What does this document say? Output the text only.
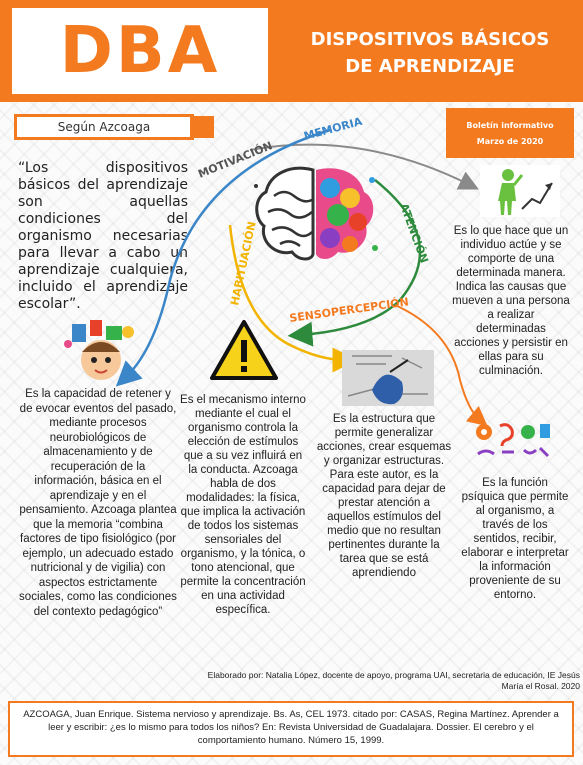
DBA	DISPOSITIVOS BÁSICOS
DE APRENDIZAJE
Según Azcoaga	Boletín informativo
Marzo de 2020
“Los dispositivos básicos del aprendizaje son aquellas condiciones del organismo necesarias para llevar a cabo un aprendizaje cualquiera, incluido el aprendizaje escolar”.
MOTIVACIÓN
MEMORIA
ATENCIÓN
HABITUACIÓN
SENSOPERCEPCIÓN
Es lo que hace que un individuo actúe y se comporte de una determinada manera. Indica las causas que mueven a una persona a realizar determinadas acciones y persistir en ellas para su culminación.
Es la capacidad de retener y de evocar eventos del pasado, mediante procesos neurobiológicos de almacenamiento y de recuperación de la información, básica en el aprendizaje y en el pensamiento. Azcoaga plantea que la memoria “combina factores de tipo fisiológico (por ejemplo, un adecuado estado nutricional y de vigilia) con aspectos estrictamente sociales, como las condiciones del contexto pedagógico”
Es el mecanismo interno mediante el cual el organismo controla la elección de estímulos que a su vez influirá en la conducta. Azcoaga habla de dos modalidades: la física, que implica la activación de todos los sistemas sensoriales del organismo, y la tónica, o tono atencional, que permite la concentración en una actividad específica.
Es la estructura que permite generalizar acciones, crear esquemas y organizar estructuras. Para este autor, es la capacidad para dejar de prestar atención a aquellos estímulos del medio que no resultan pertinentes durante la tarea que se está aprendiendo
Es la función psíquica que permite al organismo, a través de los sentidos, recibir, elaborar e interpretar la información proveniente de su entorno.
Elaborado por: Natalia López, docente de apoyo, programa UAI, secretaria de educación, IE Jesús María el Rosal. 2020
AZCOAGA, Juan Enrique. Sistema nervioso y aprendizaje. Bs. As, CEL 1973. citado por: CASAS, Regina Martínez. Aprender a leer y escribir: ¿es lo mismo para todos los niños? En: Revista Universidad de Guadalajara. Dossier. El cerebro y el comportamiento humano. Número 15, 1999.
